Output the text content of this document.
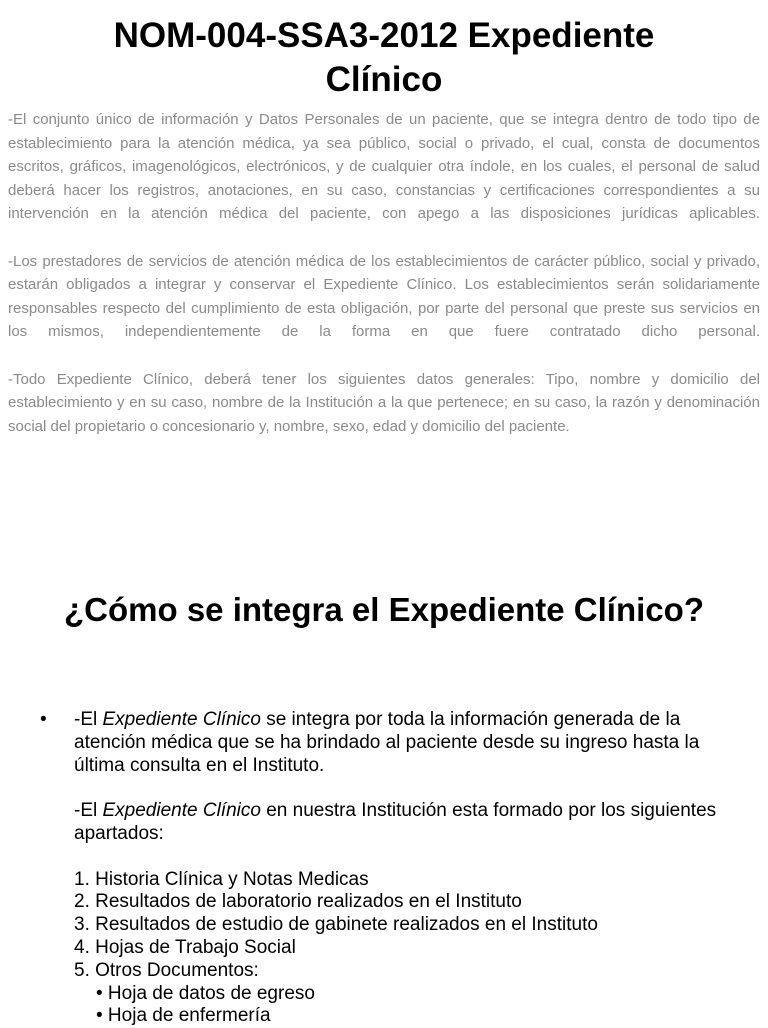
NOM-004-SSA3-2012 Expediente
Clínico

-El conjunto único de información y Datos Personales de un paciente, que se integra dentro de todo tipo de establecimiento para la atención médica, ya sea público, social o privado, el cual, consta de documentos escritos, gráficos, imagenológicos, electrónicos, y de cualquier otra índole, en los cuales, el personal de salud deberá hacer los registros, anotaciones, en su caso, constancias y certificaciones correspondientes a su intervención en la atención médica del paciente, con apego a las disposiciones jurídicas aplicables.

-Los prestadores de servicios de atención médica de los establecimientos de carácter público, social y privado, estarán obligados a integrar y conservar el Expediente Clínico. Los establecimientos serán solidariamente responsables respecto del cumplimiento de esta obligación, por parte del personal que preste sus servicios en los mismos, independientemente de la forma en que fuere contratado dicho personal.

-Todo Expediente Clínico, deberá tener los siguientes datos generales: Tipo, nombre y domicilio del establecimiento y en su caso, nombre de la Institución a la que pertenece; en su caso, la razón y denominación social del propietario o concesionario y, nombre, sexo, edad y domicilio del paciente.

¿Cómo se integra el Expediente Clínico?
•	-El Expediente Clínico se integra por toda la información generada de la atención médica que se ha brindado al paciente desde su ingreso hasta la última consulta en el Instituto.

-El Expediente Clínico en nuestra Institución esta formado por los siguientes apartados:

1. Historia Clínica y Notas Medicas

2. Resultados de laboratorio realizados en el Instituto

3. Resultados de estudio de gabinete realizados en el Instituto

4. Hojas de Trabajo Social

5. Otros Documentos:

• Hoja de datos de egreso

• Hoja de enfermería
